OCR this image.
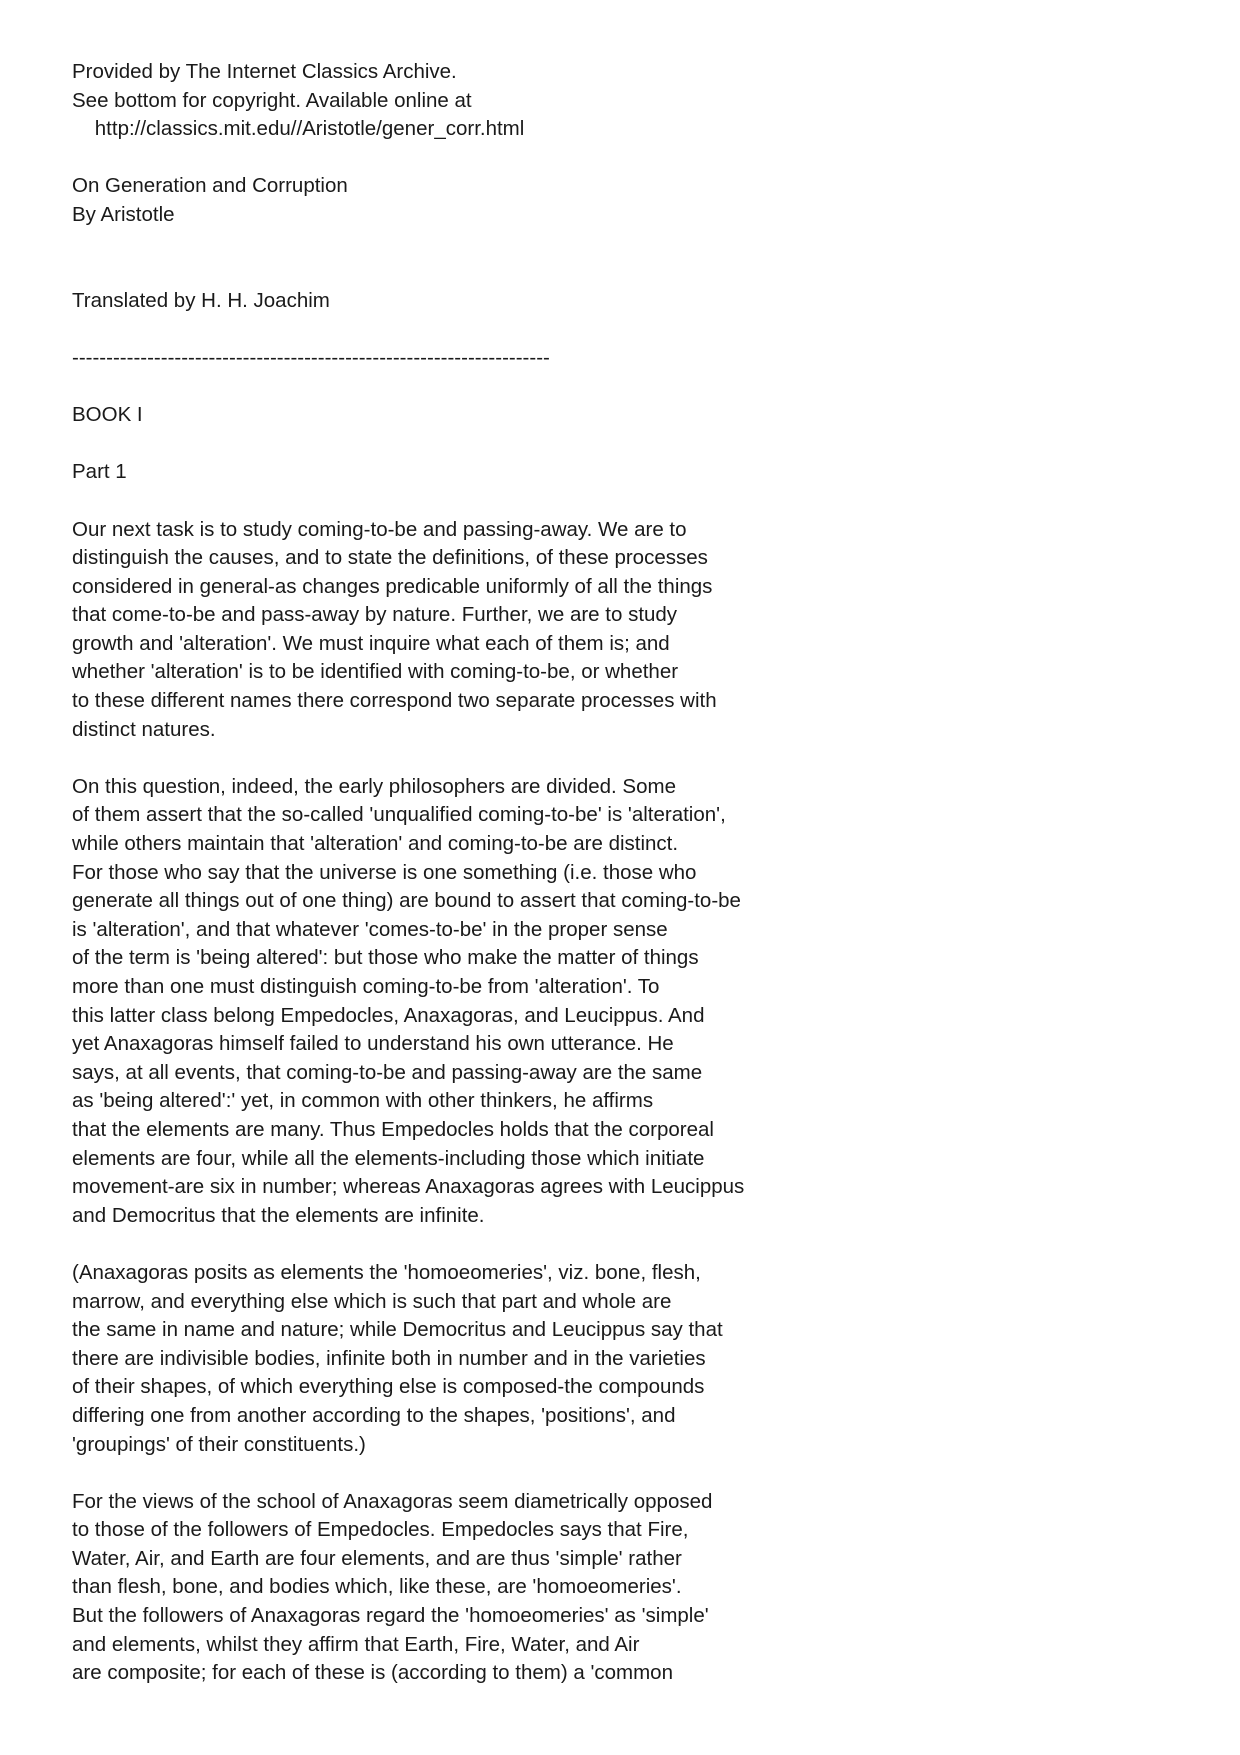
Provided by The Internet Classics Archive.
See bottom for copyright. Available online at
http://classics.mit.edu//Aristotle/gener_corr.html
On Generation and Corruption
By Aristotle
Translated by H. H. Joachim
----------------------------------------------------------------------
BOOK I
Part 1
Our next task is to study coming-to-be and passing-away. We are to
distinguish the causes, and to state the definitions, of these processes
considered in general-as changes predicable uniformly of all the things
that come-to-be and pass-away by nature. Further, we are to study
growth and 'alteration'. We must inquire what each of them is; and
whether 'alteration' is to be identified with coming-to-be, or whether
to these different names there correspond two separate processes with
distinct natures.
On this question, indeed, the early philosophers are divided. Some
of them assert that the so-called 'unqualified coming-to-be' is 'alteration',
while others maintain that 'alteration' and coming-to-be are distinct.
For those who say that the universe is one something (i.e. those who
generate all things out of one thing) are bound to assert that coming-to-be
is 'alteration', and that whatever 'comes-to-be' in the proper sense
of the term is 'being altered': but those who make the matter of things
more than one must distinguish coming-to-be from 'alteration'. To
this latter class belong Empedocles, Anaxagoras, and Leucippus. And
yet Anaxagoras himself failed to understand his own utterance. He
says, at all events, that coming-to-be and passing-away are the same
as 'being altered':' yet, in common with other thinkers, he affirms
that the elements are many. Thus Empedocles holds that the corporeal
elements are four, while all the elements-including those which initiate
movement-are six in number; whereas Anaxagoras agrees with Leucippus
and Democritus that the elements are infinite.
(Anaxagoras posits as elements the 'homoeomeries', viz. bone, flesh,
marrow, and everything else which is such that part and whole are
the same in name and nature; while Democritus and Leucippus say that
there are indivisible bodies, infinite both in number and in the varieties
of their shapes, of which everything else is composed-the compounds
differing one from another according to the shapes, 'positions', and
'groupings' of their constituents.)
For the views of the school of Anaxagoras seem diametrically opposed
to those of the followers of Empedocles. Empedocles says that Fire,
Water, Air, and Earth are four elements, and are thus 'simple' rather
than flesh, bone, and bodies which, like these, are 'homoeomeries'.
But the followers of Anaxagoras regard the 'homoeomeries' as 'simple'
and elements, whilst they affirm that Earth, Fire, Water, and Air
are composite; for each of these is (according to them) a 'common
